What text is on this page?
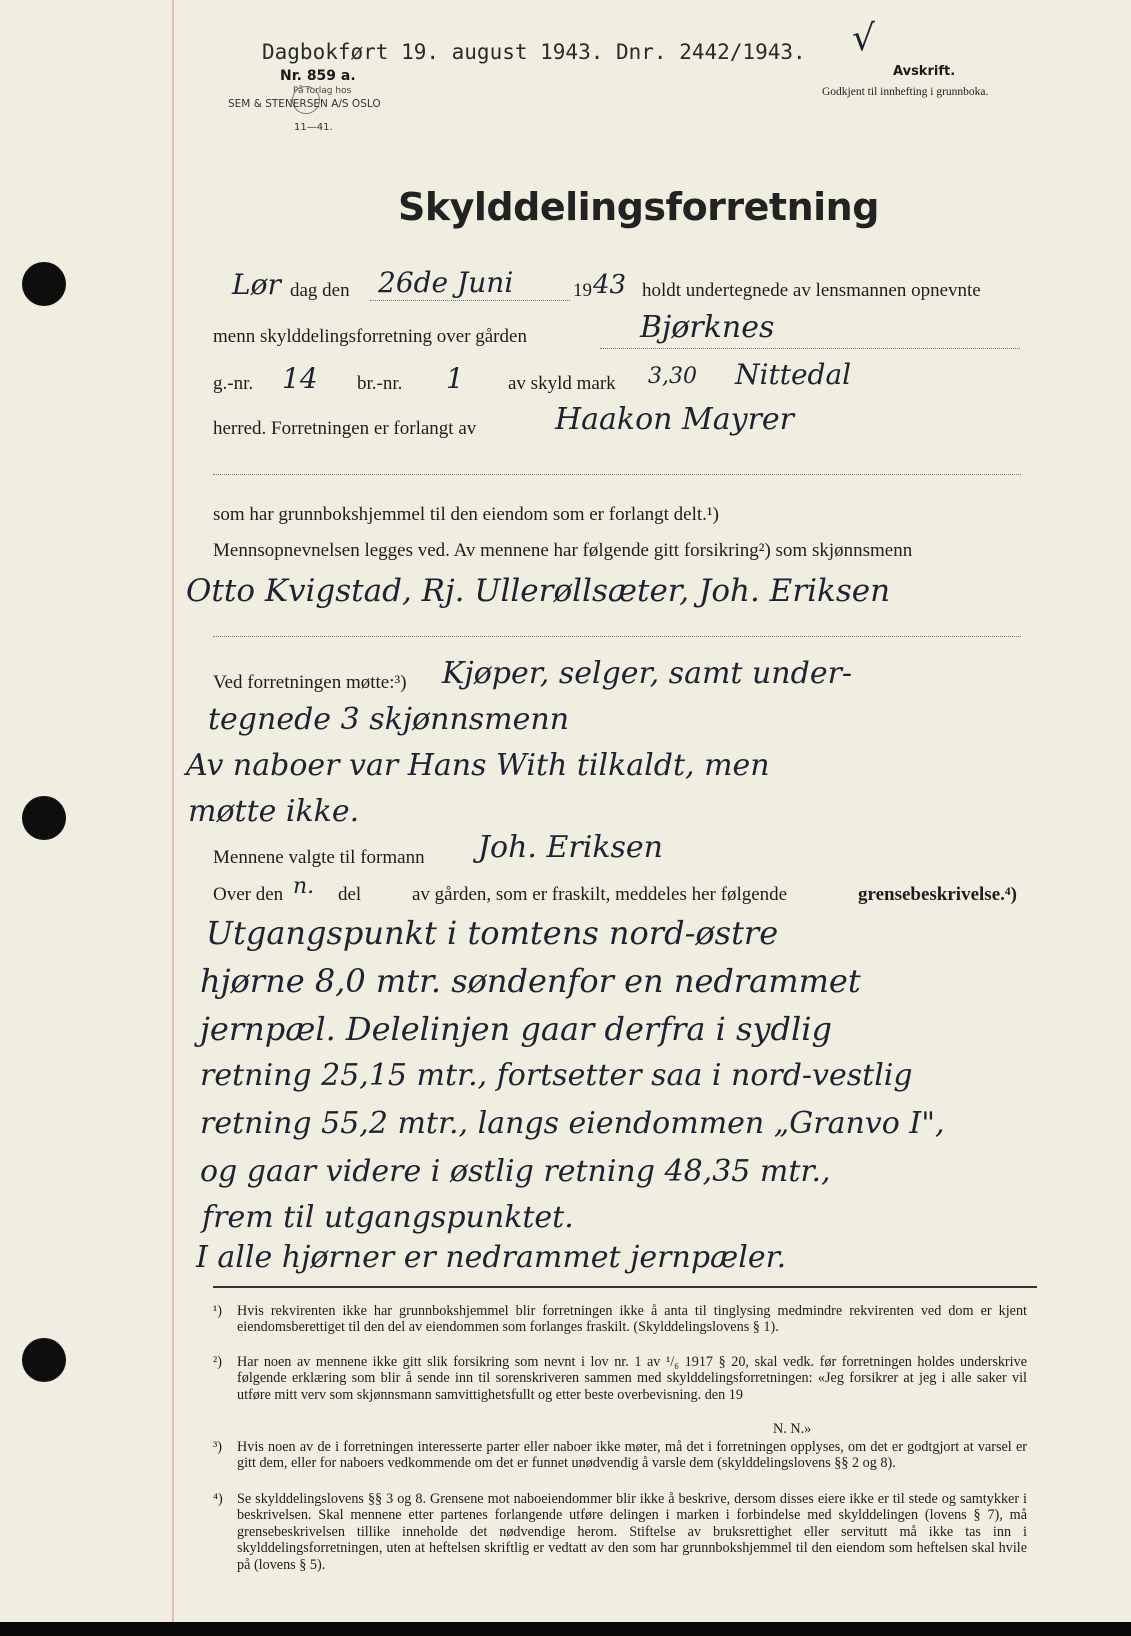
Dagbokført 19. august 1943. Dnr. 2442/1943. √
Nr. 859 a.
På forlag hos
SEM & STENERSEN A/S OSLO
11—41.
Avskrift.
Godkjent til innhefting i grunnboka.
Skylddelingsforretning
Lør dag den 26de Juni	19 43 holdt undertegnede av lensmannen opnevnte
menn skylddelingsforretning over gården	Bjørknes
g.-nr. 14 br.-nr. 1 av skyld mark 3,30 Nittedal
herred. Forretningen er forlangt av	Haakon Mayrer
som har grunnbokshjemmel til den eiendom som er forlangt delt.¹)
Mennsopnevnelsen legges ved. Av mennene har følgende gitt forsikring²) som skjønnsmenn
Otto Kvigstad, Rj. Ullerøllsæter, Joh. Eriksen
Ved forretningen møtte:³) Kjøper, selger, samt under-
tegnede 3 skjønnsmenn
Av naboer var Hans With tilkaldt, men
møtte ikke.
Mennene valgte til formann Joh. Eriksen
Over den n. del	av gården, som er fraskilt, meddeles her følgende	grensebeskrivelse.⁴)
Utgangspunkt i tomtens nord-østre
hjørne 8,0 mtr. søndenfor en nedrammet
jernpæl. Delelinjen gaar derfra i sydlig
retning 25,15 mtr., fortsetter saa i nord-vestlig
retning 55,2 mtr., langs eiendommen „Granvo I",
og gaar videre i østlig retning 48,35 mtr.,
frem til utgangspunktet.
I alle hjørner er nedrammet jernpæler.
¹) Hvis rekvirenten ikke har grunnbokshjemmel blir forretningen ikke å anta til tinglysing medmindre rekvirenten ved dom er kjent eiendomsberettiget til den del av eiendommen som forlanges fraskilt. (Skylddelingslovens § 1).
²) Har noen av mennene ikke gitt slik forsikring som nevnt i lov nr. 1 av ¹/₆ 1917 § 20, skal vedk. før forretningen holdes underskrive følgende erklæring som blir å sende inn til sorenskriveren sammen med skylddelingsforretningen: «Jeg forsikrer at jeg i alle saker vil utføre mitt verv som skjønnsmann samvittighetsfullt og etter beste overbevisning. den 19
N. N.»
³) Hvis noen av de i forretningen interesserte parter eller naboer ikke møter, må det i forretningen opplyses, om det er godtgjort at varsel er gitt dem, eller for naboers vedkommende om det er funnet unødvendig å varsle dem (skylddelingslovens §§ 2 og 8).
⁴) Se skylddelingslovens §§ 3 og 8. Grensene mot naboeiendommer blir ikke å beskrive, dersom disses eiere ikke er til stede og samtykker i beskrivelsen. Skal mennene etter partenes forlangende utføre delingen i marken i forbindelse med skylddelingen (lovens § 7), må grensebeskrivelsen tillike inneholde det nødvendige herom. Stiftelse av bruksrettighet eller servitutt må ikke tas inn i skylddelingsforretningen, uten at heftelsen skriftlig er vedtatt av den som har grunnbokshjemmel til den eiendom som heftelsen skal hvile på (lovens § 5).
